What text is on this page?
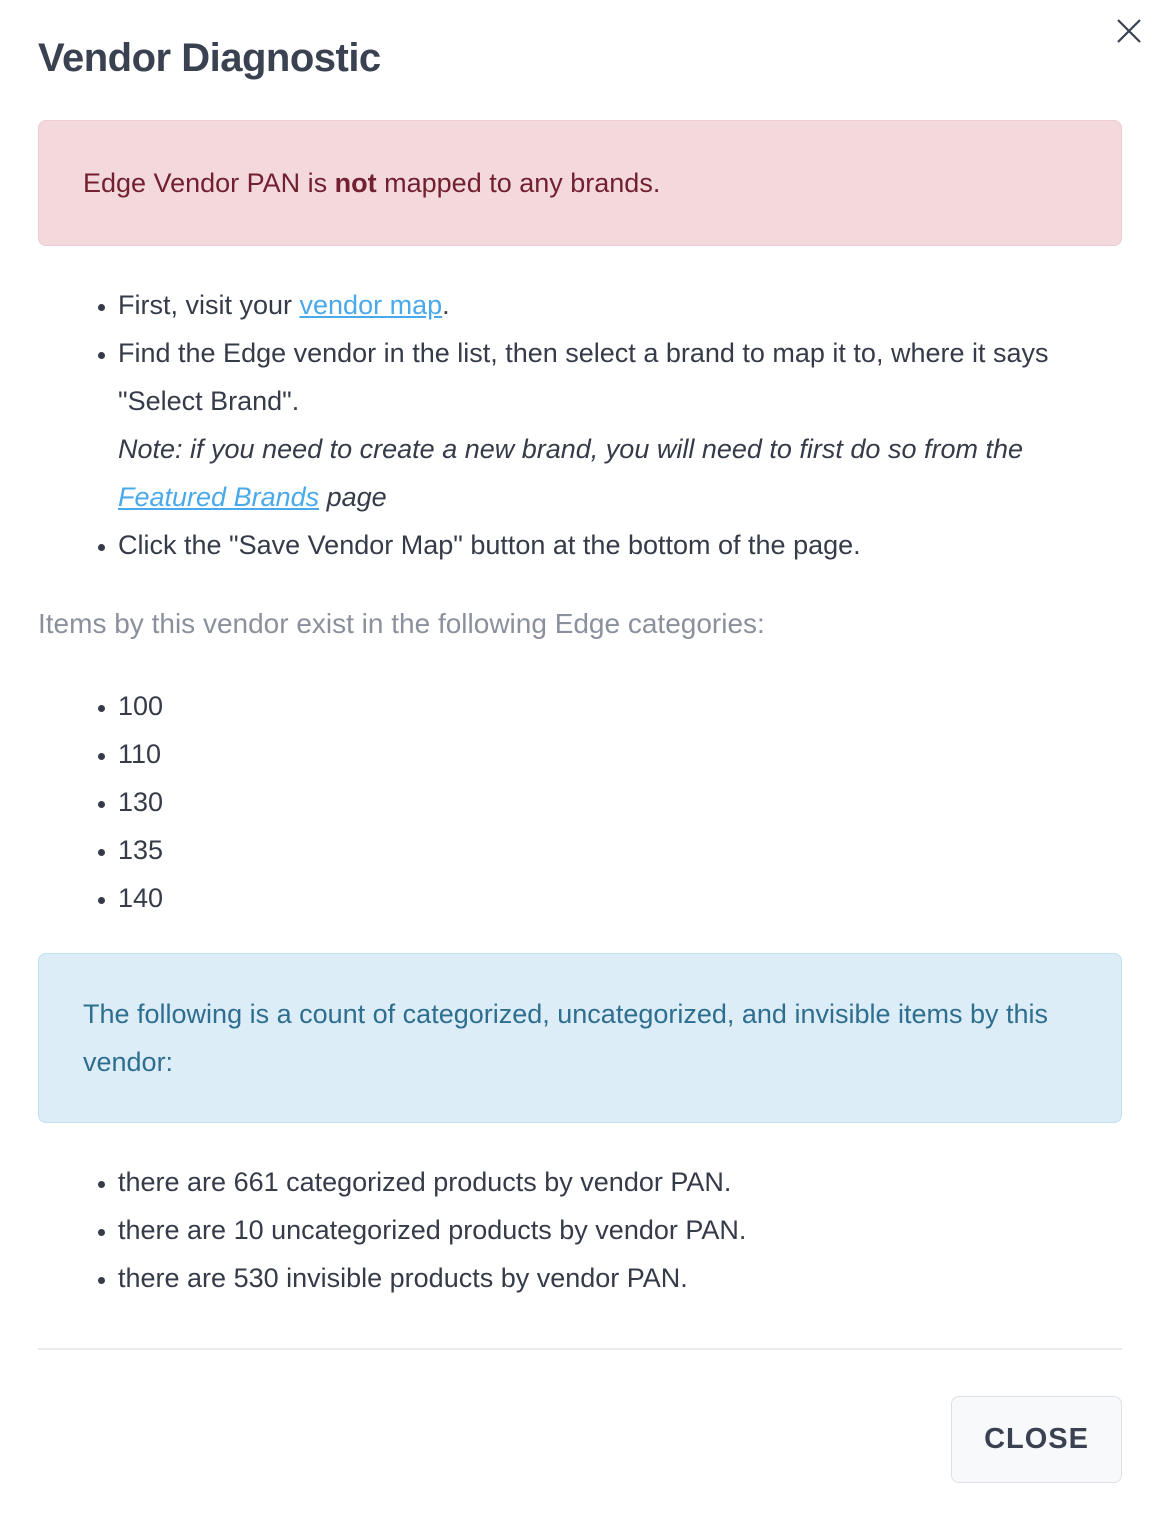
Vendor Diagnostic
Edge Vendor PAN is not mapped to any brands.
• First, visit your vendor map.
• Find the Edge vendor in the list, then select a brand to map it to, where it says "Select Brand".
Note: if you need to create a new brand, you will need to first do so from the Featured Brands page
• Click the "Save Vendor Map" button at the bottom of the page.
Items by this vendor exist in the following Edge categories:
• 100
• 110
• 130
• 135
• 140
The following is a count of categorized, uncategorized, and invisible items by this vendor:
• there are 661 categorized products by vendor PAN.
• there are 10 uncategorized products by vendor PAN.
• there are 530 invisible products by vendor PAN.
CLOSE
